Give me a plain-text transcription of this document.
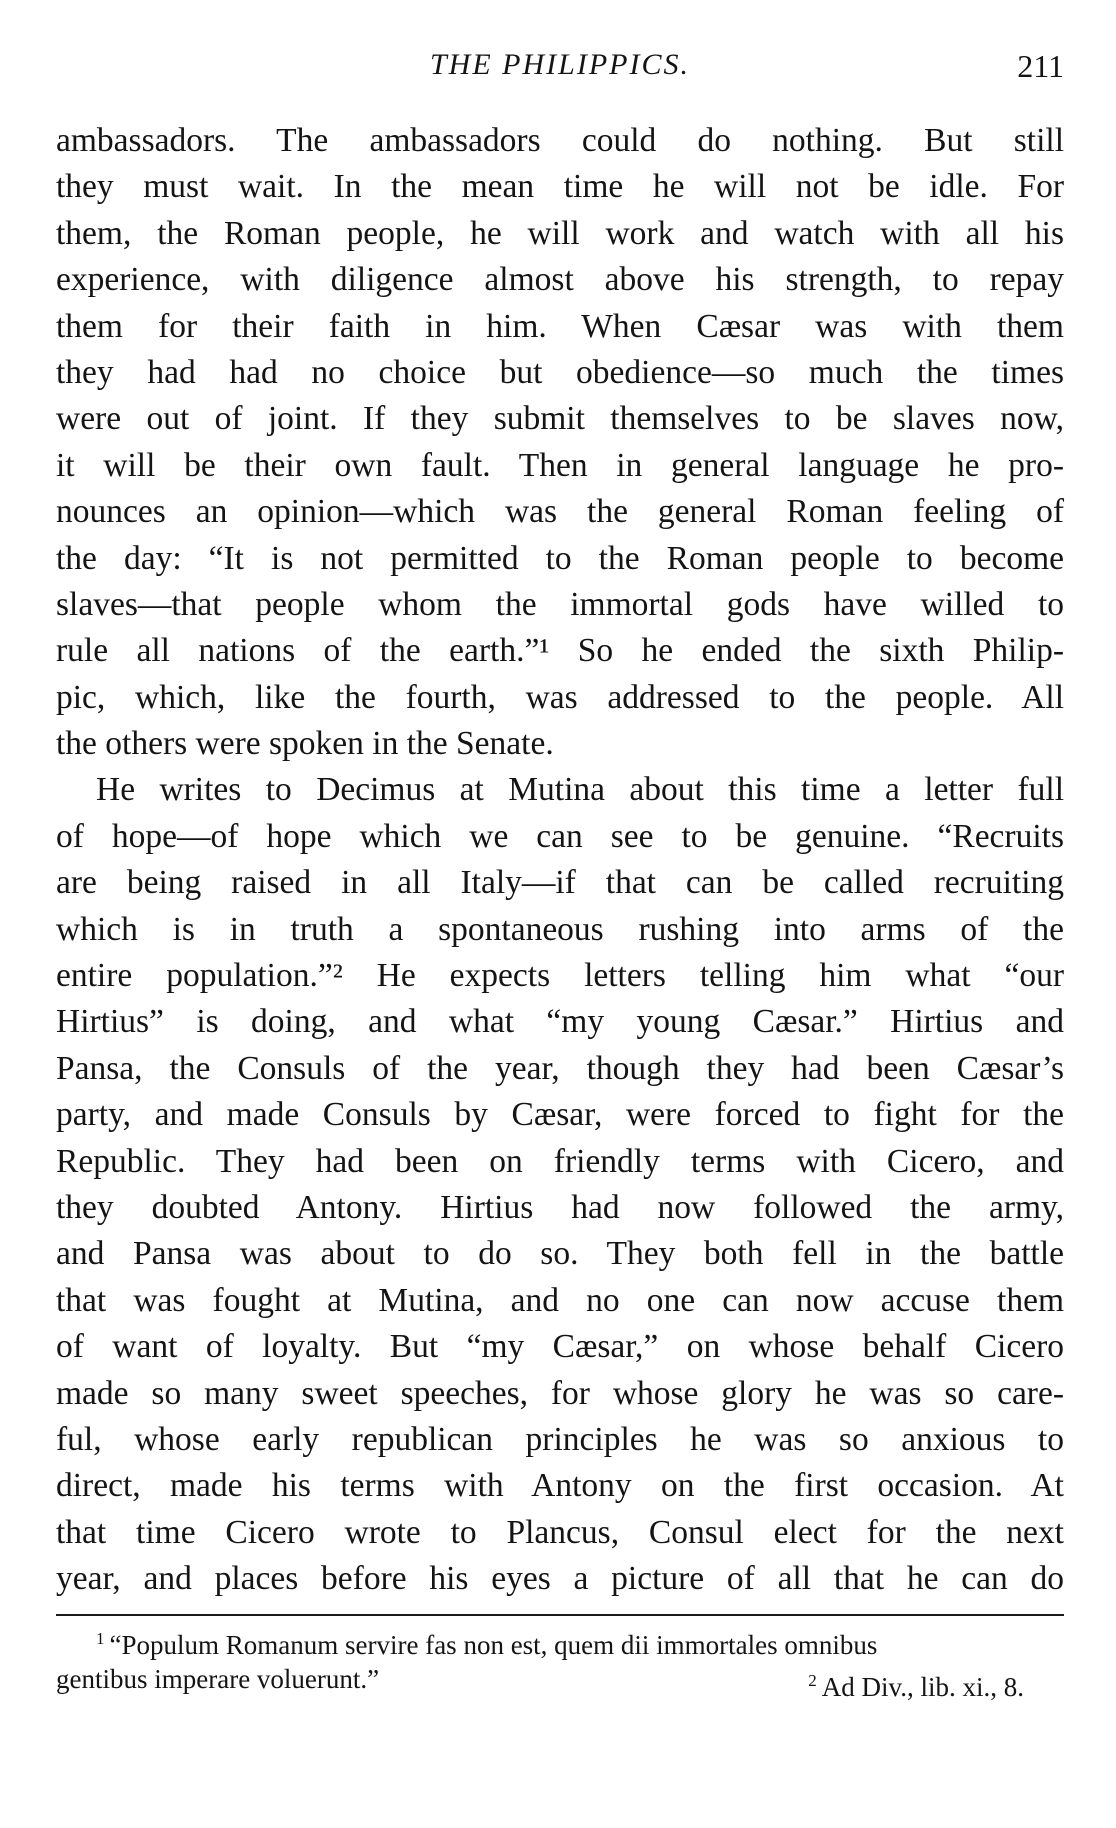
THE PHILIPPICS.	211
ambassadors. The ambassadors could do nothing. But still
they must wait. In the mean time he will not be idle. For
them, the Roman people, he will work and watch with all his
experience, with diligence almost above his strength, to repay
them for their faith in him. When Cæsar was with them
they had had no choice but obedience—so much the times
were out of joint. If they submit themselves to be slaves now,
it will be their own fault. Then in general language he pro-
nounces an opinion—which was the general Roman feeling of
the day: “It is not permitted to the Roman people to become
slaves—that people whom the immortal gods have willed to
rule all nations of the earth.”¹ So he ended the sixth Philip-
pic, which, like the fourth, was addressed to the people. All
the others were spoken in the Senate.
He writes to Decimus at Mutina about this time a letter full
of hope—of hope which we can see to be genuine. “Recruits
are being raised in all Italy—if that can be called recruiting
which is in truth a spontaneous rushing into arms of the
entire population.”² He expects letters telling him what “our
Hirtius” is doing, and what “my young Cæsar.” Hirtius and
Pansa, the Consuls of the year, though they had been Cæsar’s
party, and made Consuls by Cæsar, were forced to fight for the
Republic. They had been on friendly terms with Cicero, and
they doubted Antony. Hirtius had now followed the army,
and Pansa was about to do so. They both fell in the battle
that was fought at Mutina, and no one can now accuse them
of want of loyalty. But “my Cæsar,” on whose behalf Cicero
made so many sweet speeches, for whose glory he was so care-
ful, whose early republican principles he was so anxious to
direct, made his terms with Antony on the first occasion. At
that time Cicero wrote to Plancus, Consul elect for the next
year, and places before his eyes a picture of all that he can do
$^1$ “Populum Romanum servire fas non est, quem dii immortales omnibus
gentibus imperare voluerunt.”	$^2$ Ad Div., lib. xi., 8.
